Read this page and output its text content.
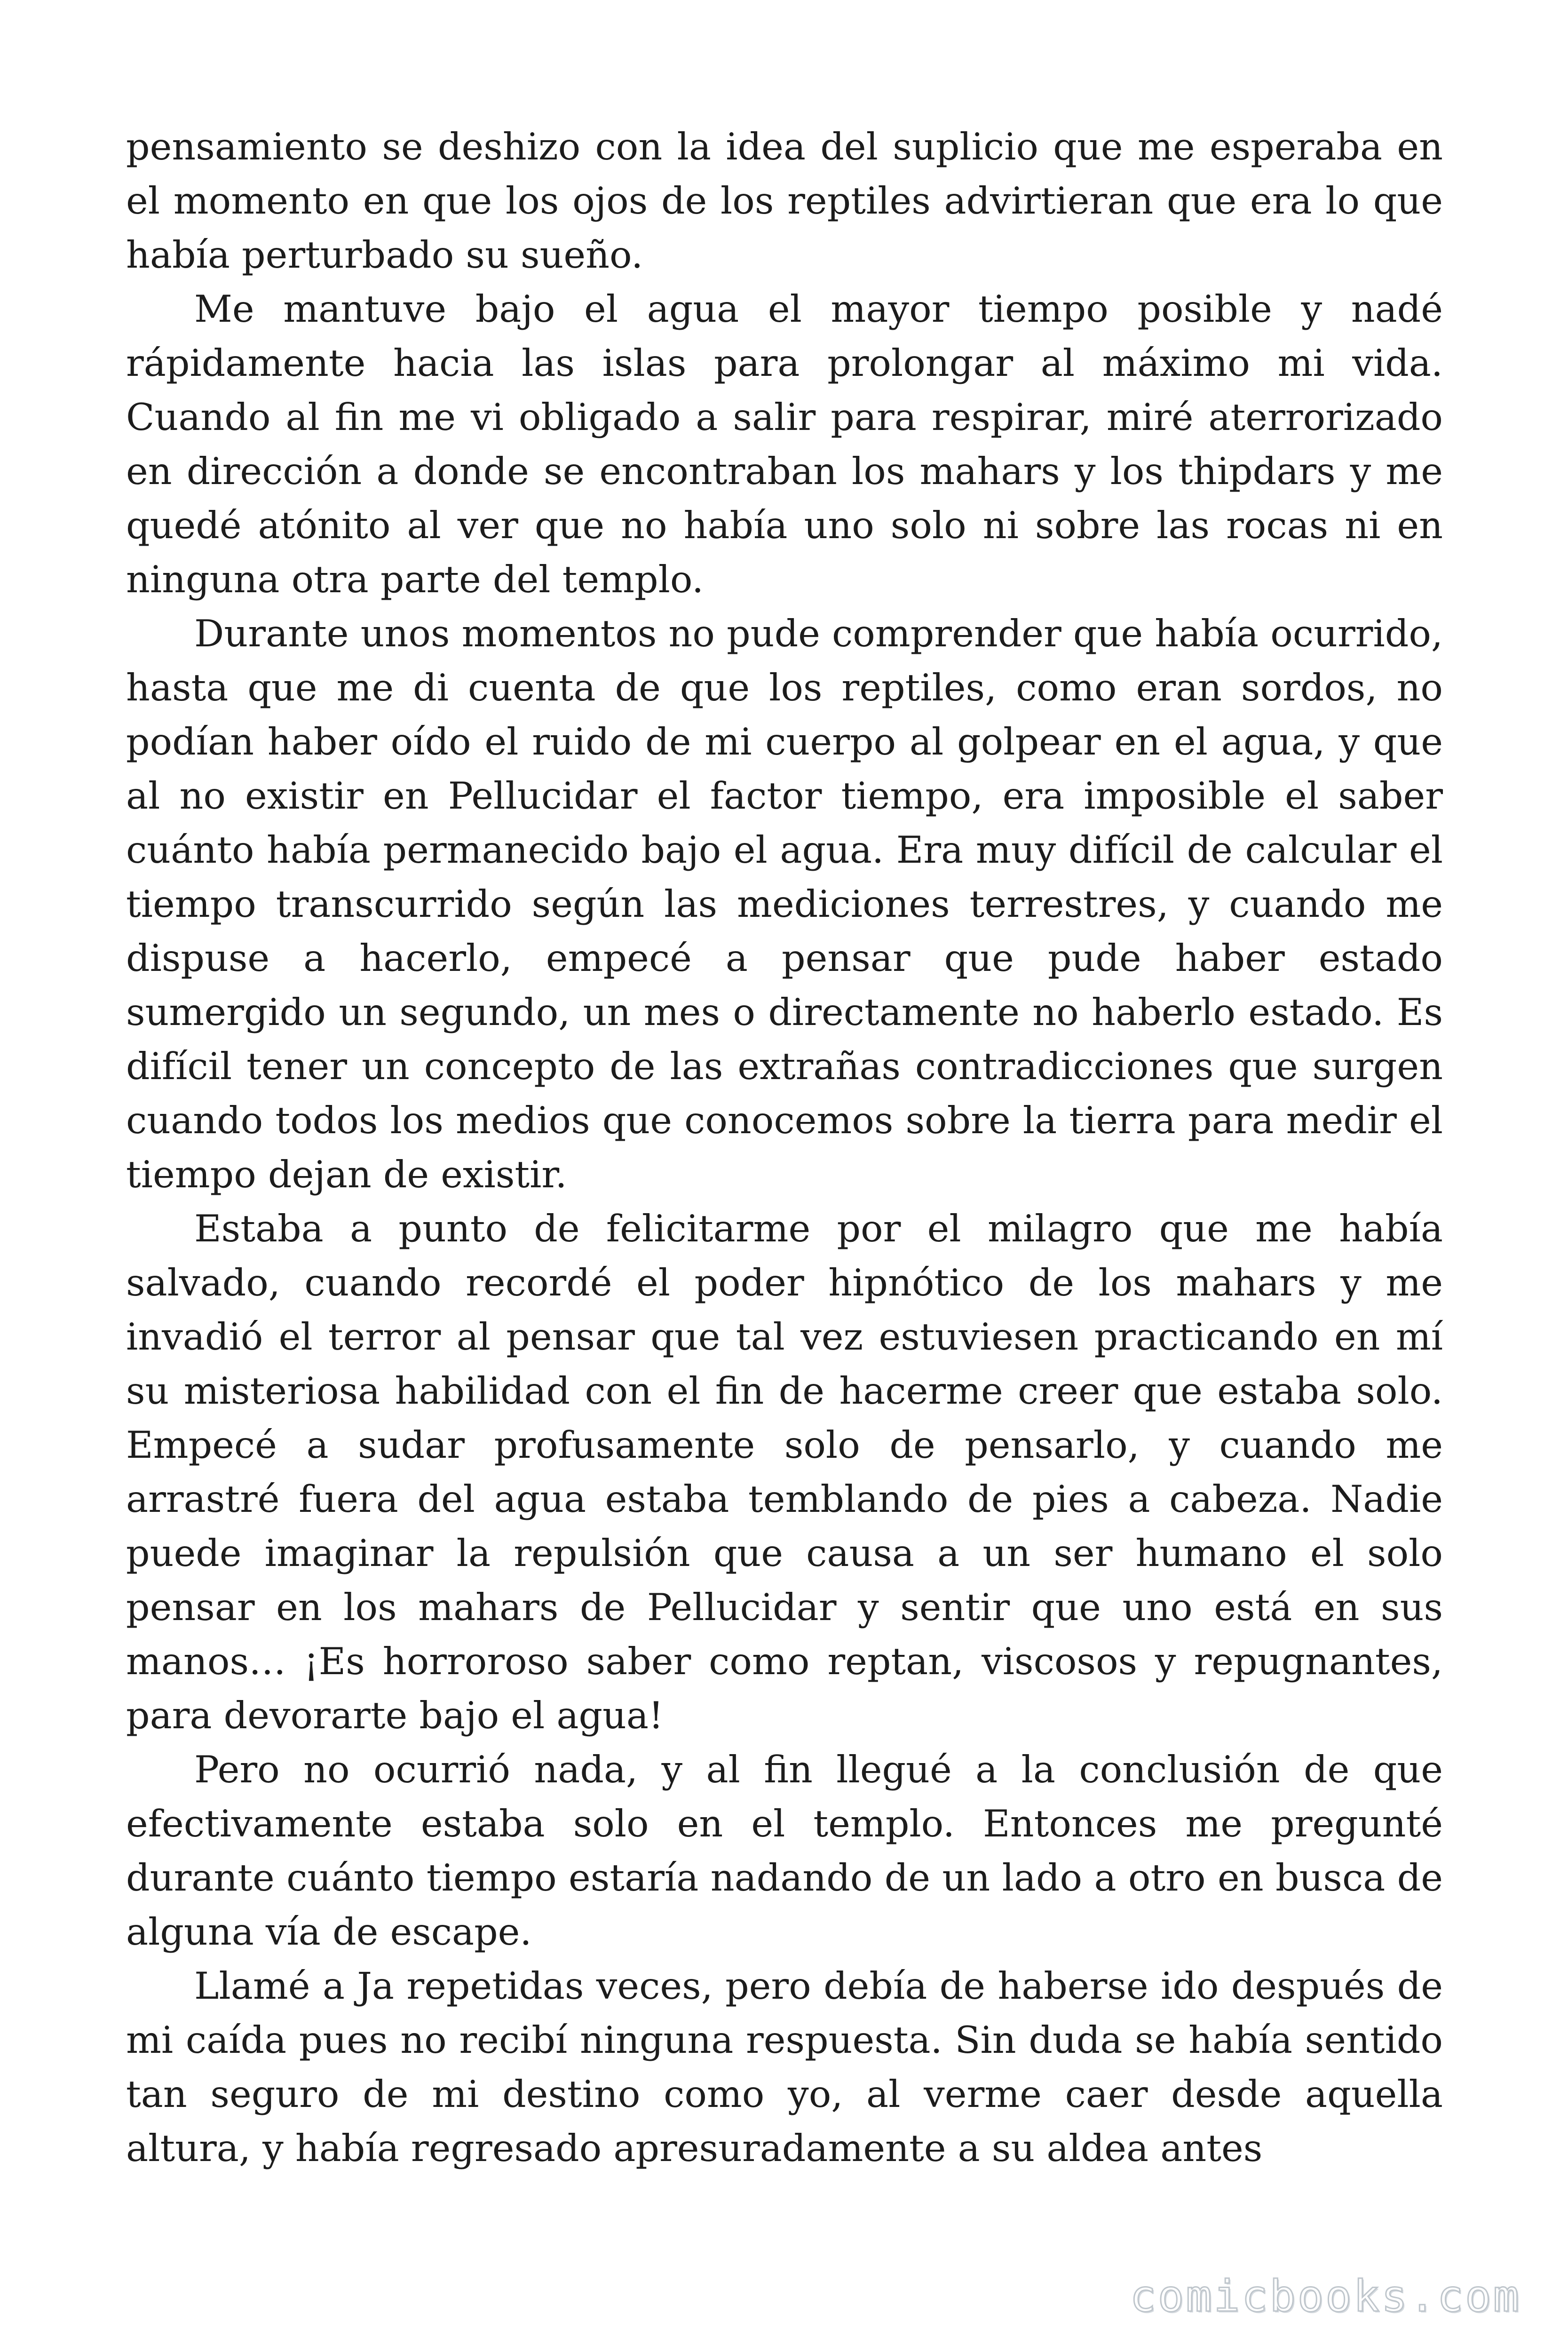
pensamiento se deshizo con la idea del suplicio que me esperaba en el momento en que los ojos de los reptiles advirtieran que era lo que había perturbado su sueño.

Me mantuve bajo el agua el mayor tiempo posible y nadé rápidamente hacia las islas para prolongar al máximo mi vida. Cuando al fin me vi obligado a salir para respirar, miré aterrorizado en dirección a donde se encontraban los mahars y los thipdars y me quedé atónito al ver que no había uno solo ni sobre las rocas ni en ninguna otra parte del templo.

Durante unos momentos no pude comprender que había ocurrido, hasta que me di cuenta de que los reptiles, como eran sordos, no podían haber oído el ruido de mi cuerpo al golpear en el agua, y que al no existir en Pellucidar el factor tiempo, era imposible el saber cuánto había permanecido bajo el agua. Era muy difícil de calcular el tiempo transcurrido según las mediciones terrestres, y cuando me dispuse a hacerlo, empecé a pensar que pude haber estado sumergido un segundo, un mes o directamente no haberlo estado. Es difícil tener un concepto de las extrañas contradicciones que surgen cuando todos los medios que conocemos sobre la tierra para medir el tiempo dejan de existir.

Estaba a punto de felicitarme por el milagro que me había salvado, cuando recordé el poder hipnótico de los mahars y me invadió el terror al pensar que tal vez estuviesen practicando en mí su misteriosa habilidad con el fin de hacerme creer que estaba solo. Empecé a sudar profusamente solo de pensarlo, y cuando me arrastré fuera del agua estaba temblando de pies a cabeza. Nadie puede imaginar la repulsión que causa a un ser humano el solo pensar en los mahars de Pellucidar y sentir que uno está en sus manos… ¡Es horroroso saber como reptan, viscosos y repugnantes, para devorarte bajo el agua!

Pero no ocurrió nada, y al fin llegué a la conclusión de que efectivamente estaba solo en el templo. Entonces me pregunté durante cuánto tiempo estaría nadando de un lado a otro en busca de alguna vía de escape.

Llamé a Ja repetidas veces, pero debía de haberse ido después de mi caída pues no recibí ninguna respuesta. Sin duda se había sentido tan seguro de mi destino como yo, al verme caer desde aquella altura, y había regresado apresuradamente a su aldea antes

comicbooks.com
